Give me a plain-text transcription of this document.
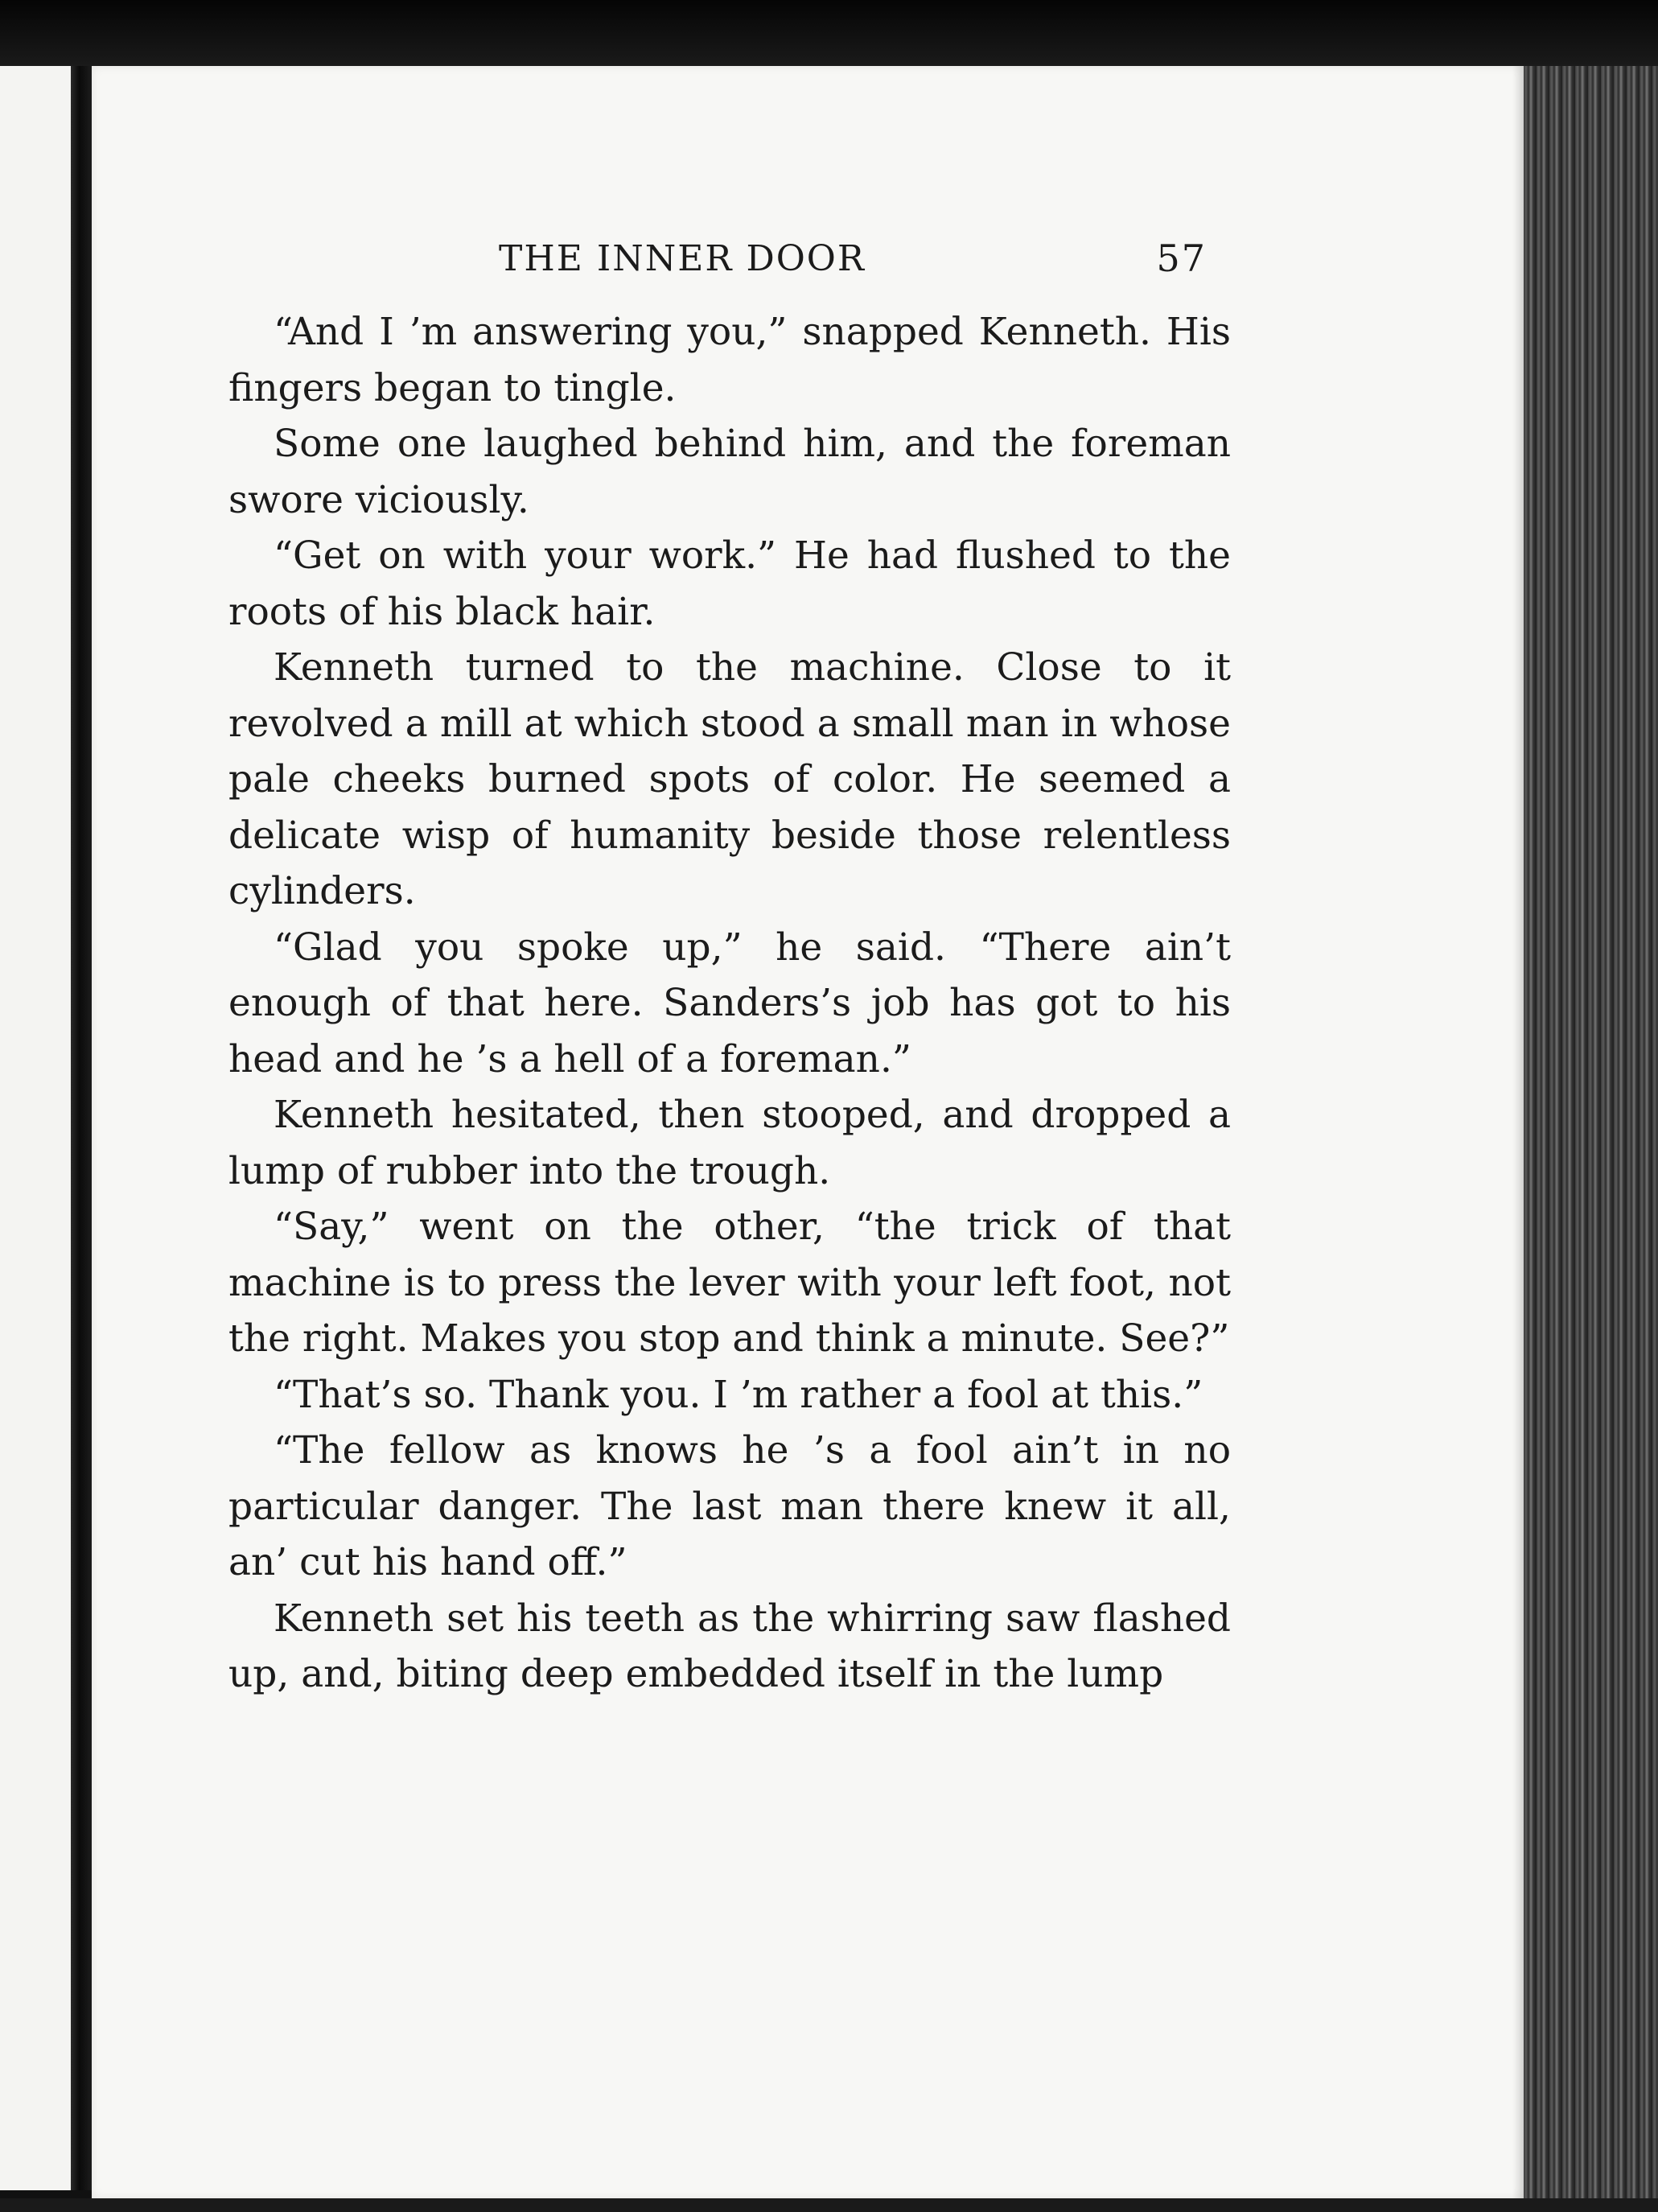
THE INNER DOOR	57

“And I ’m answering you,” snapped Kenneth. His fingers began to tingle.

Some one laughed behind him, and the foreman swore viciously.

“Get on with your work.” He had flushed to the roots of his black hair.

Kenneth turned to the machine. Close to it revolved a mill at which stood a small man in whose pale cheeks burned spots of color. He seemed a delicate wisp of humanity beside those relentless cylinders.

“Glad you spoke up,” he said. “There ain’t enough of that here. Sanders’s job has got to his head and he ’s a hell of a foreman.”

Kenneth hesitated, then stooped, and dropped a lump of rubber into the trough.

“Say,” went on the other, “the trick of that machine is to press the lever with your left foot, not the right. Makes you stop and think a minute. See?”

“That’s so. Thank you. I ’m rather a fool at this.”

“The fellow as knows he ’s a fool ain’t in no particular danger. The last man there knew it all, an’ cut his hand off.”

Kenneth set his teeth as the whirring saw flashed up, and, biting deep embedded itself in the lump
